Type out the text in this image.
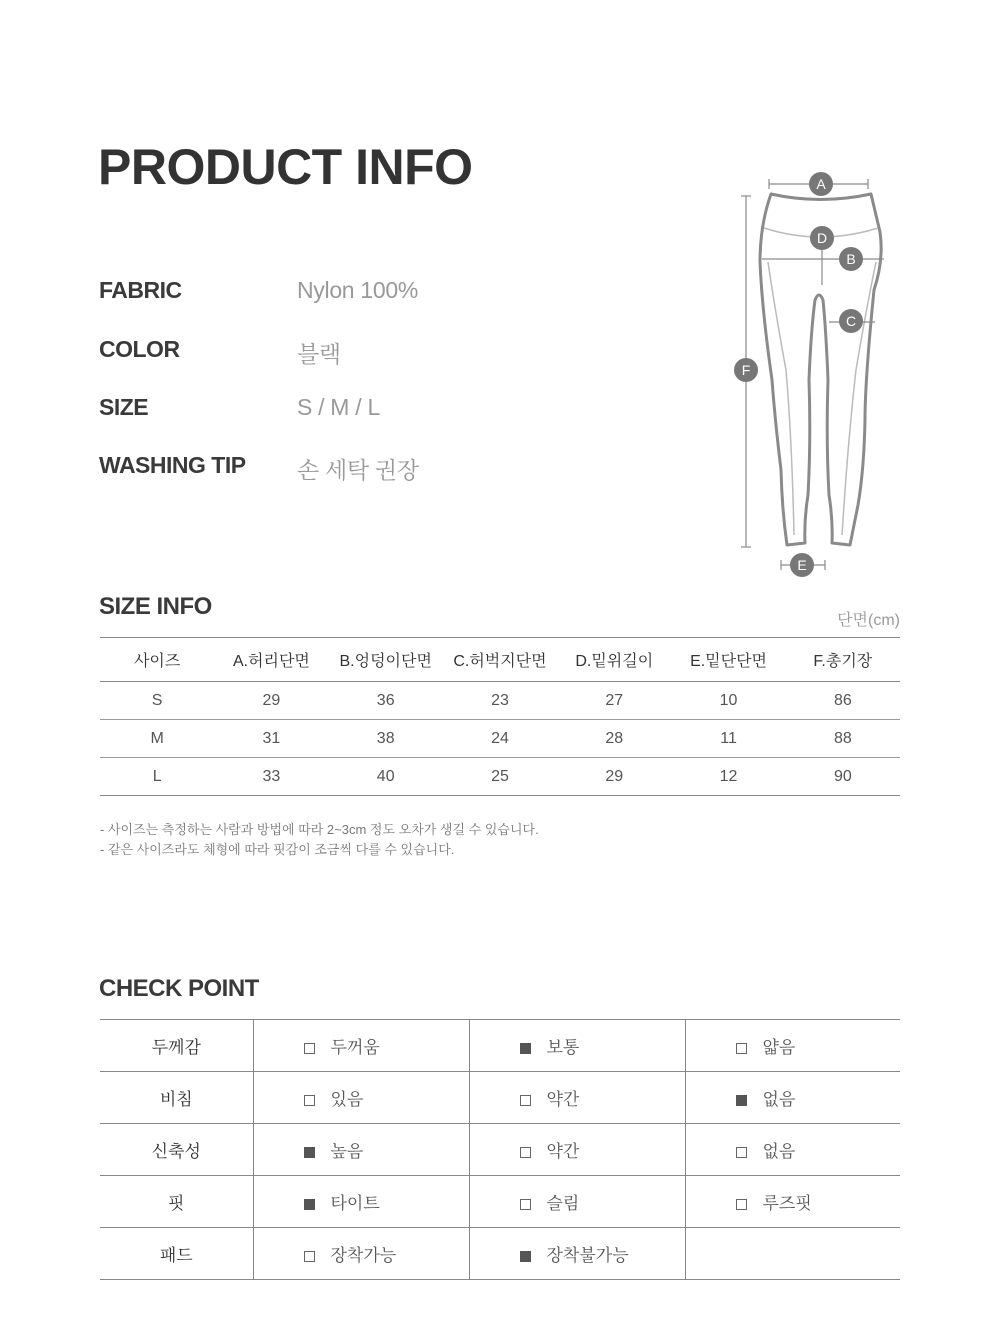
PRODUCT INFO
FABRIC	Nylon 100%
COLOR	블랙
SIZE	S / M / L
WASHING TIP 손 세탁 권장
A
D
B
C
F
E
SIZE INFO
단면(cm)
사이즈	A.허리단면	B.엉덩이단면	C.허벅지단면	D.밑위길이	E.밑단단면	F.총기장
S	29	36	23	27	10	86
M	31	38	24	28	11	88
L	33	40	25	29	12	90
- 사이즈는 측정하는 사람과 방법에 따라 2~3cm 정도 오차가 생길 수 있습니다.
- 같은 사이즈라도 체형에 따라 핏감이 조금씩 다를 수 있습니다.
CHECK POINT
두께감	두꺼움	보통	얇음
비침	있음	약간	없음
신축성	높음	약간	없음
핏	타이트	슬림	루즈핏
패드	장착가능	장착불가능	
